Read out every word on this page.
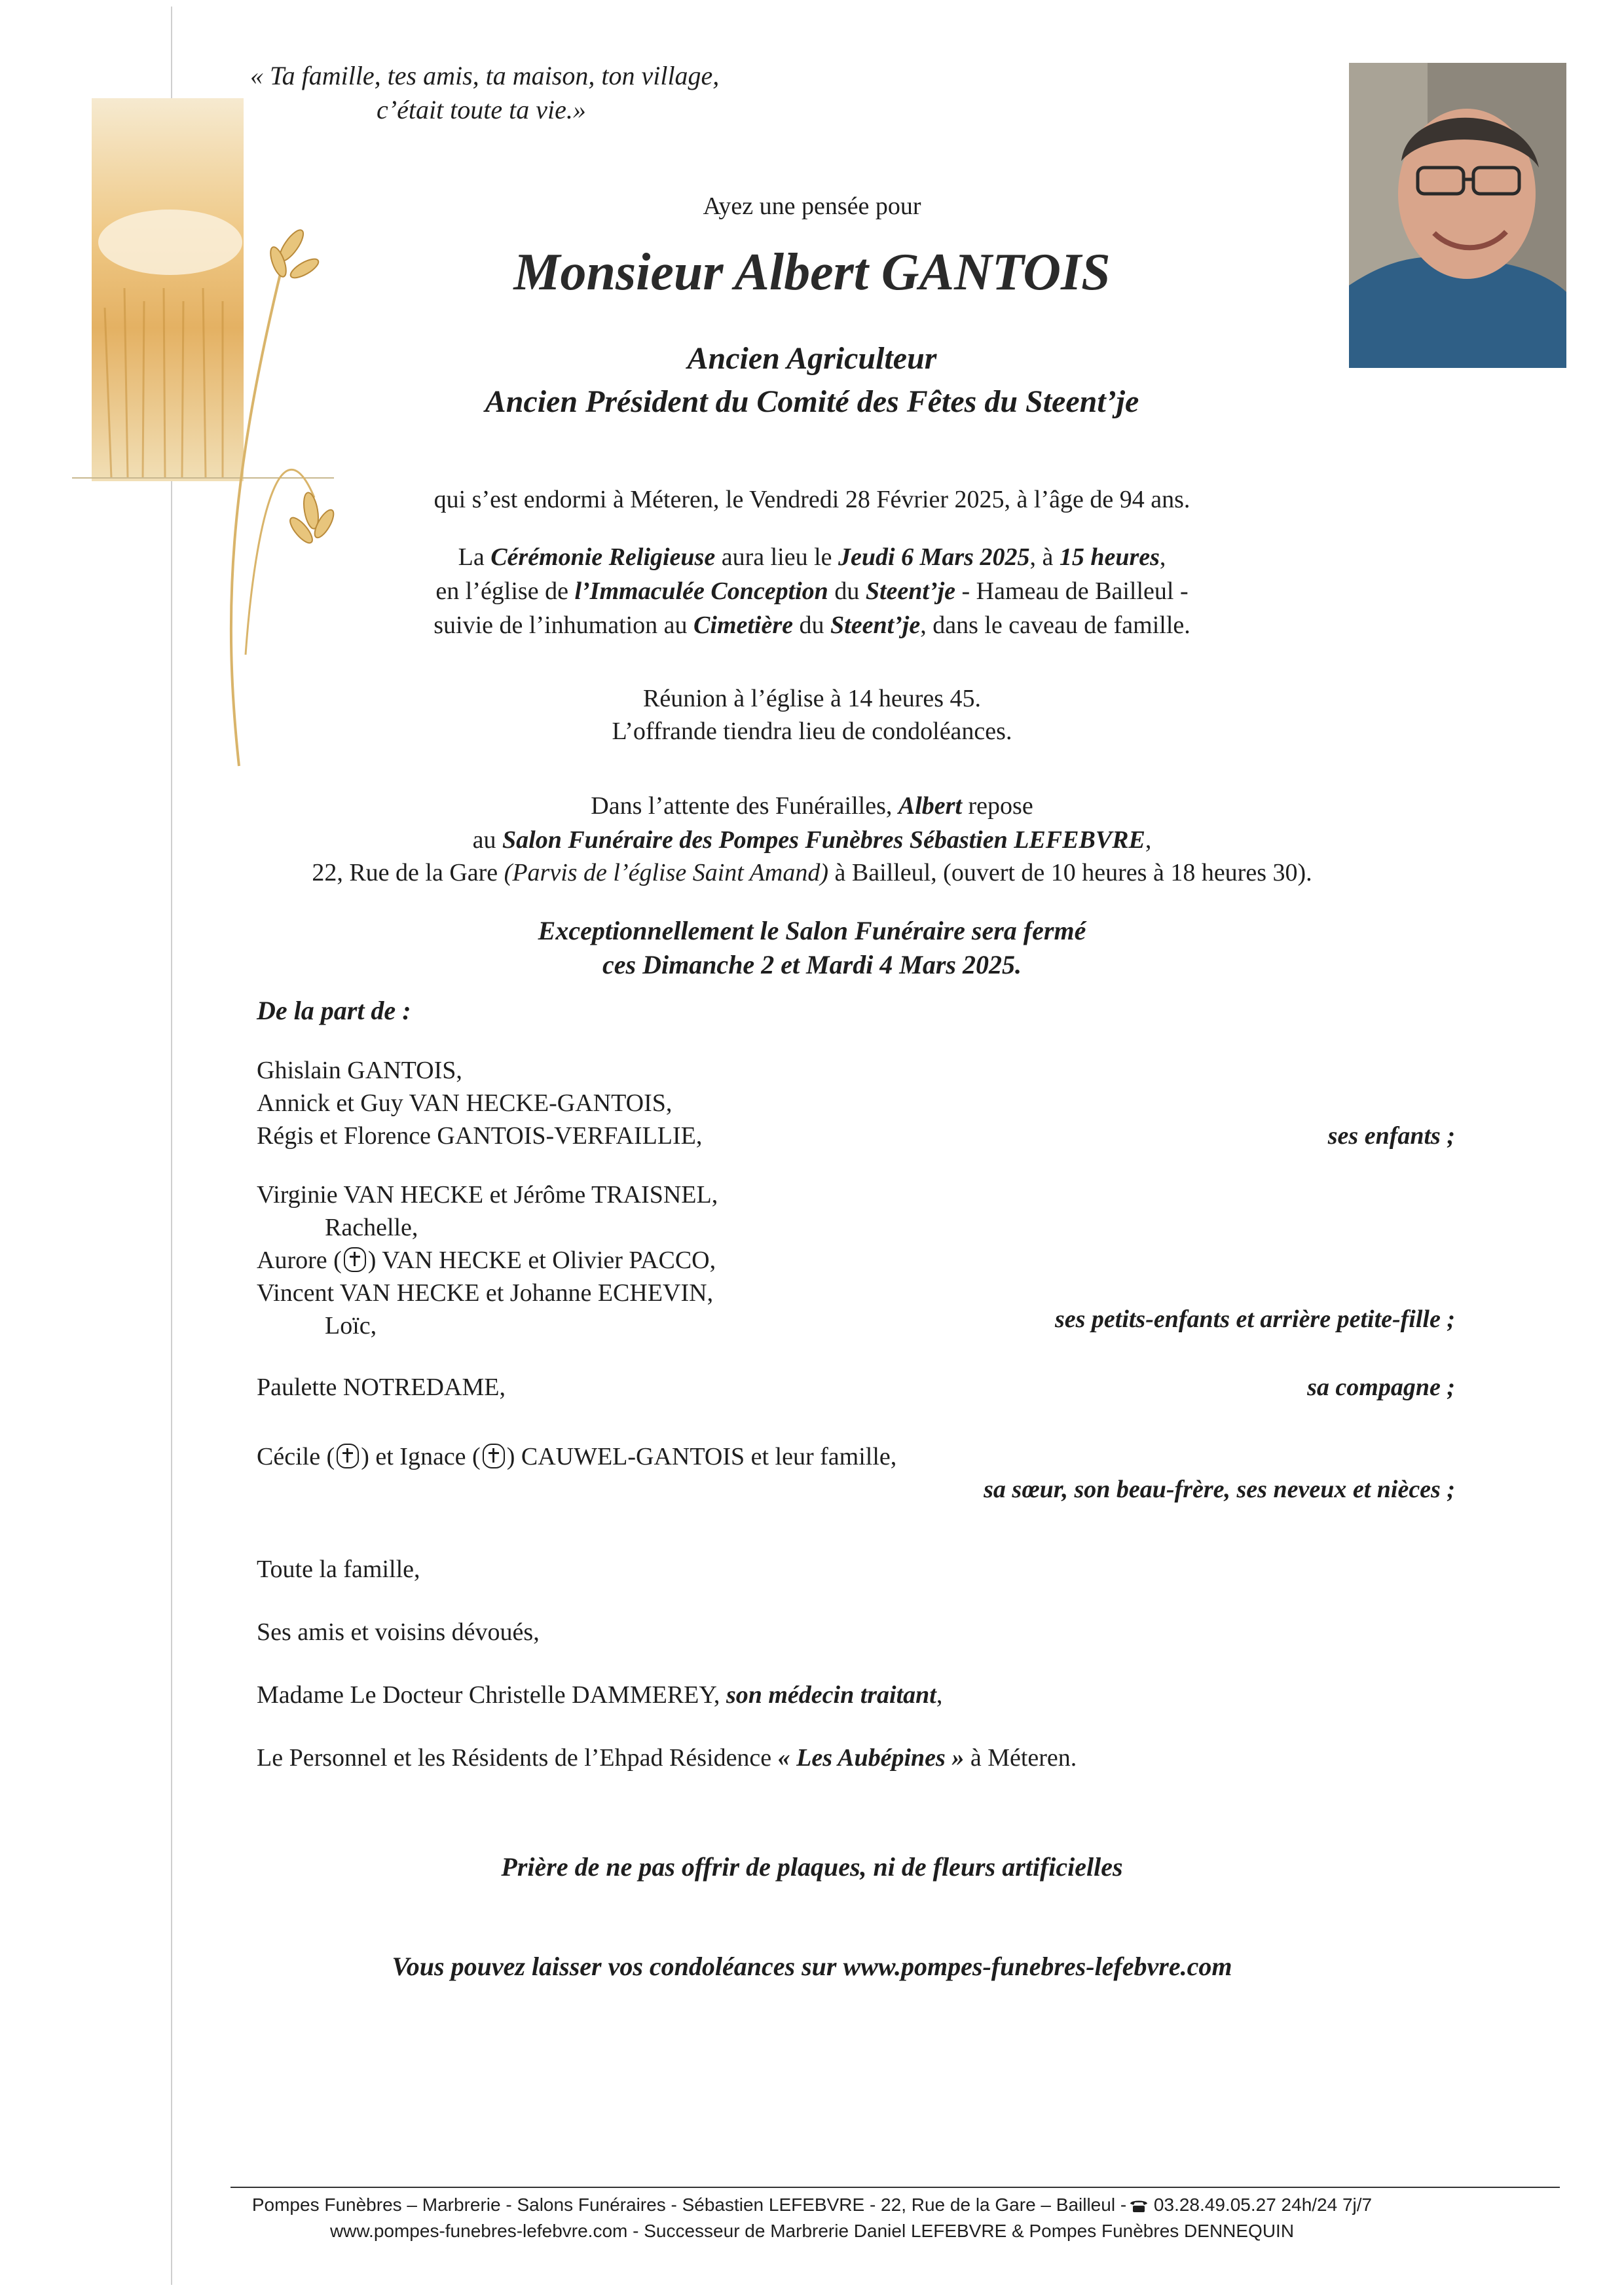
« Ta famille, tes amis, ta maison, ton village,
c’était toute ta vie.»
Ayez une pensée pour
Monsieur Albert GANTOIS
Ancien Agriculteur
Ancien Président du Comité des Fêtes du Steent’je
qui s’est endormi à Méteren, le Vendredi 28 Février 2025, à l’âge de 94 ans.
La Cérémonie Religieuse aura lieu le Jeudi 6 Mars 2025, à 15 heures,
en l’église de l’Immaculée Conception du Steent’je - Hameau de Bailleul -
suivie de l’inhumation au Cimetière du Steent’je, dans le caveau de famille.
Réunion à l’église à 14 heures 45.
L’offrande tiendra lieu de condoléances.
Dans l’attente des Funérailles, Albert repose
au Salon Funéraire des Pompes Funèbres Sébastien LEFEBVRE,
22, Rue de la Gare (Parvis de l’église Saint Amand) à Bailleul, (ouvert de 10 heures à 18 heures 30).
Exceptionnellement le Salon Funéraire sera fermé
ces Dimanche 2 et Mardi 4 Mars 2025.
De la part de :
Ghislain GANTOIS,
Annick et Guy VAN HECKE-GANTOIS,
Régis et Florence GANTOIS-VERFAILLIE,	ses enfants ;
Virginie VAN HECKE et Jérôme TRAISNEL,
Rachelle,
Aurore ( ) VAN HECKE et Olivier PACCO,
Vincent VAN HECKE et Johanne ECHEVIN,
Loïc,	ses petits-enfants et arrière petite-fille ;
Paulette NOTREDAME,	sa compagne ;
Cécile ( ) et Ignace ( ) CAUWEL-GANTOIS et leur famille,
sa sœur, son beau-frère, ses neveux et nièces ;
Toute la famille,
Ses amis et voisins dévoués,
Madame Le Docteur Christelle DAMMEREY, son médecin traitant,
Le Personnel et les Résidents de l’Ehpad Résidence « Les Aubépines » à Méteren.
Prière de ne pas offrir de plaques, ni de fleurs artificielles
Vous pouvez laisser vos condoléances sur www.pompes-funebres-lefebvre.com
Pompes Funèbres – Marbrerie - Salons Funéraires - Sébastien LEFEBVRE - 22, Rue de la Gare – Bailleul - 03.28.49.05.27 24h/24 7j/7
www.pompes-funebres-lefebvre.com - Successeur de Marbrerie Daniel LEFEBVRE & Pompes Funèbres DENNEQUIN
